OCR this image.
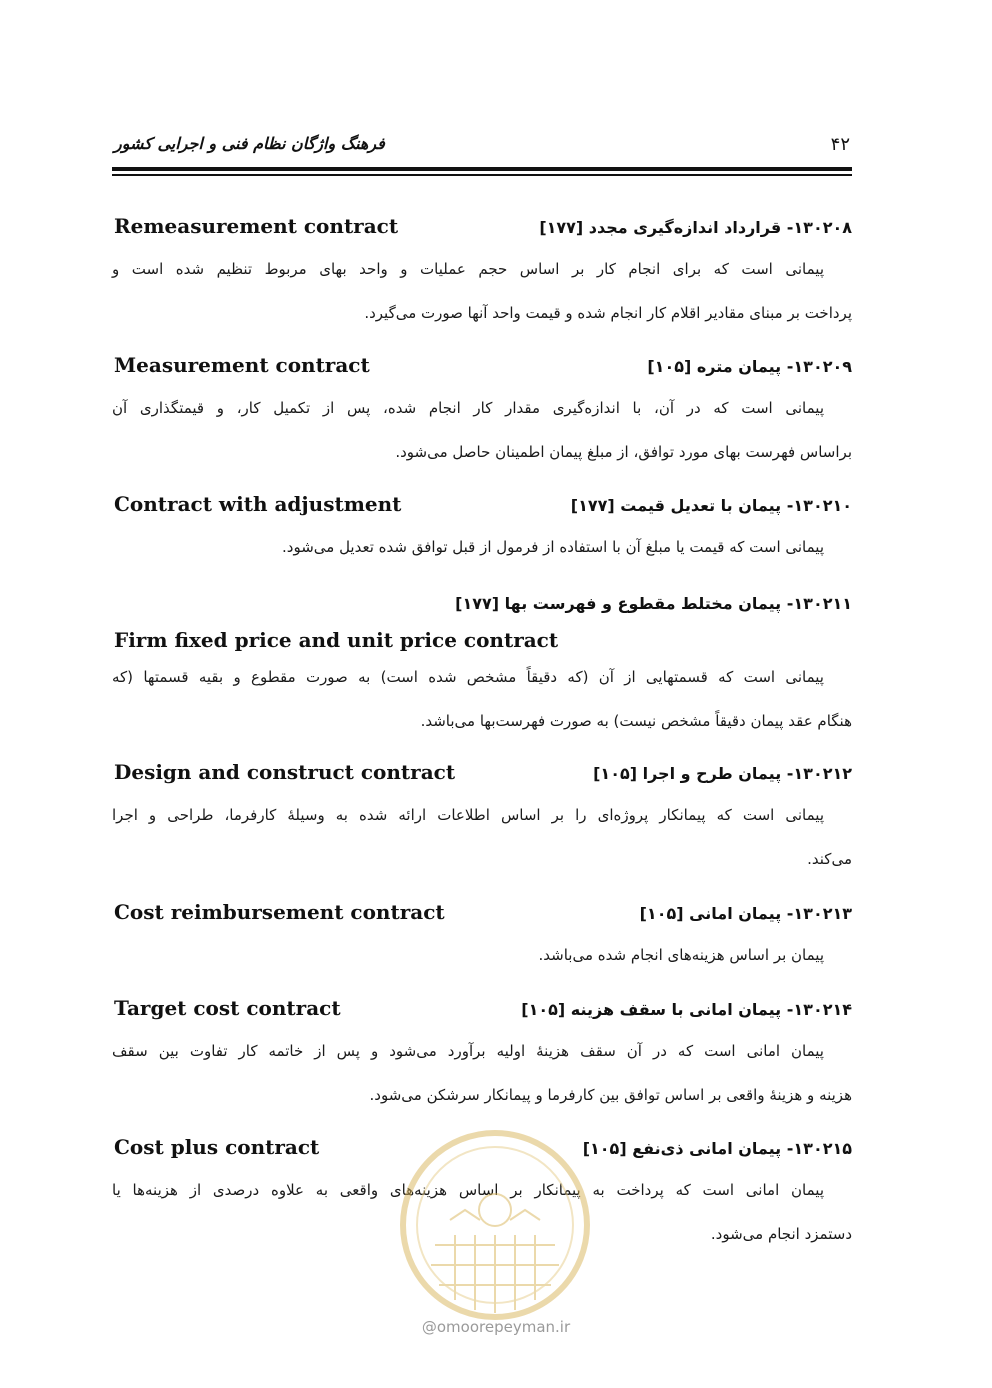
۴۲
فرهنگ واژگان نظام فنی و اجرایی کشور
۱۳۰۲۰۸- قرارداد اندازه‌گیری مجدد [۱۷۷]
Remeasurement contract
پیمانی است که برای انجام کار بر اساس حجم عملیات و واحد بهای مربوط تنظیم شده است و
پرداخت بر مبنای مقادیر اقلام کار انجام شده و قیمت واحد آنها صورت می‌گیرد.
۱۳۰۲۰۹- پیمان متره [۱۰۵]
Measurement contract
پیمانی است که در آن، با اندازه‌گیری مقدار کار انجام شده، پس از تکمیل کار، و قیمتگذاری آن
براساس فهرست بهای مورد توافق، از مبلغ پیمان اطمینان حاصل می‌شود.
۱۳۰۲۱۰- پیمان با تعدیل قیمت [۱۷۷]
Contract with adjustment
پیمانی است که قیمت یا مبلغ آن با استفاده از فرمول از قبل توافق شده تعدیل می‌شود.
۱۳۰۲۱۱- پیمان مختلط مقطوع و فهرست بها [۱۷۷]
Firm fixed price and unit price contract
پیمانی است که قسمتهایی از آن (که دقیقاً مشخص شده است) به صورت مقطوع و بقیه قسمتها (که
هنگام عقد پیمان دقیقاً مشخص نیست) به صورت فهرست‌بها می‌باشد.
۱۳۰۲۱۲- پیمان طرح و اجرا [۱۰۵]
Design and construct contract
پیمانی است که پیمانکار پروژه‌ای را بر اساس اطلاعات ارائه شده به وسیلهٔ کارفرما، طراحی و اجرا
می‌کند.
۱۳۰۲۱۳- پیمان امانی [۱۰۵]
Cost reimbursement contract
پیمان بر اساس هزینه‌های انجام شده می‌باشد.
۱۳۰۲۱۴- پیمان امانی با سقف هزینه [۱۰۵]
Target cost contract
پیمان امانی است که در آن سقف هزینهٔ اولیه برآورد می‌شود و پس از خاتمه کار تفاوت بین سقف
هزینه و هزینهٔ واقعی بر اساس توافق بین کارفرما و پیمانکار سرشکن می‌شود.
۱۳۰۲۱۵- پیمان امانی ذی‌نفع [۱۰۵]
Cost plus contract
پیمان امانی است که پرداخت به پیمانکار بر اساس هزینه‌های واقعی به علاوه درصدی از هزینه‌ها یا
دستمزد انجام می‌شود.
@omoorepeyman.ir
